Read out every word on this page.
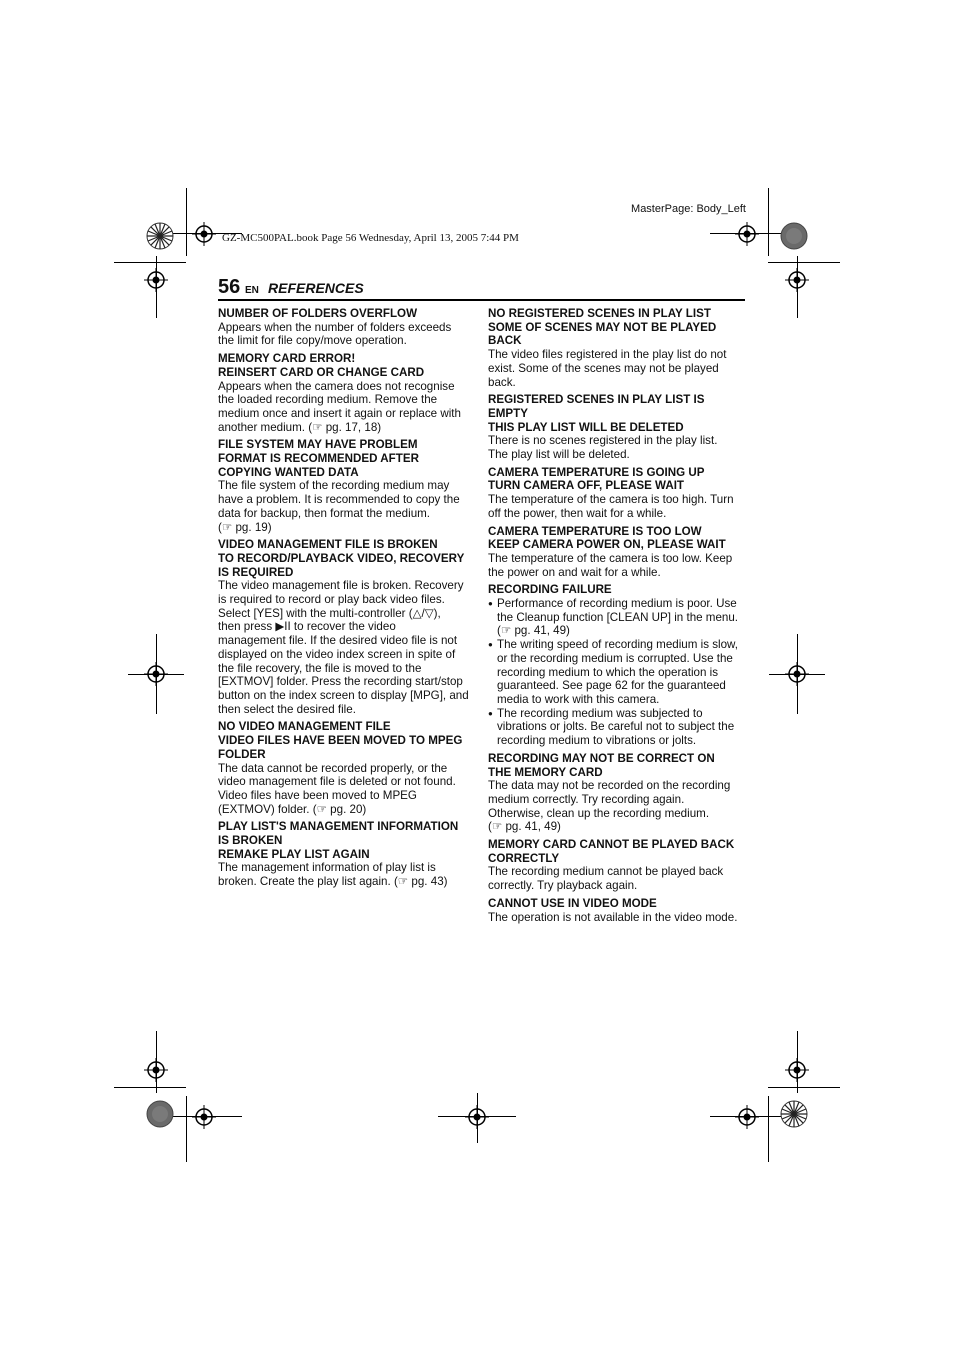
MasterPage: Body_Left
GZ-MC500PAL.book Page 56 Wednesday, April 13, 2005 7:44 PM
56 EN REFERENCES
NUMBER OF FOLDERS OVERFLOW
Appears when the number of folders exceeds
the limit for file copy/move operation.
MEMORY CARD ERROR!
REINSERT CARD OR CHANGE CARD
Appears when the camera does not recognise
the loaded recording medium. Remove the
medium once and insert it again or replace with
another medium. (☞ pg. 17, 18)
FILE SYSTEM MAY HAVE PROBLEM
FORMAT IS RECOMMENDED AFTER
COPYING WANTED DATA
The file system of the recording medium may
have a problem. It is recommended to copy the
data for backup, then format the medium.
(☞ pg. 19)
VIDEO MANAGEMENT FILE IS BROKEN
TO RECORD/PLAYBACK VIDEO, RECOVERY
IS REQUIRED
The video management file is broken. Recovery
is required to record or play back video files.
Select [YES] with the multi-controller (△/▽),
then press ▶II to recover the video
management file. If the desired video file is not
displayed on the video index screen in spite of
the file recovery, the file is moved to the
[EXTMOV] folder. Press the recording start/stop
button on the index screen to display [MPG], and
then select the desired file.
NO VIDEO MANAGEMENT FILE
VIDEO FILES HAVE BEEN MOVED TO MPEG
FOLDER
The data cannot be recorded properly, or the
video management file is deleted or not found.
Video files have been moved to MPEG
(EXTMOV) folder. (☞ pg. 20)
PLAY LIST'S MANAGEMENT INFORMATION
IS BROKEN
REMAKE PLAY LIST AGAIN
The management information of play list is
broken. Create the play list again. (☞ pg. 43)
NO REGISTERED SCENES IN PLAY LIST
SOME OF SCENES MAY NOT BE PLAYED
BACK
The video files registered in the play list do not
exist. Some of the scenes may not be played
back.
REGISTERED SCENES IN PLAY LIST IS
EMPTY
THIS PLAY LIST WILL BE DELETED
There is no scenes registered in the play list.
The play list will be deleted.
CAMERA TEMPERATURE IS GOING UP
TURN CAMERA OFF, PLEASE WAIT
The temperature of the camera is too high. Turn
off the power, then wait for a while.
CAMERA TEMPERATURE IS TOO LOW
KEEP CAMERA POWER ON, PLEASE WAIT
The temperature of the camera is too low. Keep
the power on and wait for a while.
RECORDING FAILURE
● Performance of recording medium is poor. Use
the Cleanup function [CLEAN UP] in the menu.
(☞ pg. 41, 49)
● The writing speed of recording medium is slow,
or the recording medium is corrupted. Use the
recording medium to which the operation is
guaranteed. See page 62 for the guaranteed
media to work with this camera.
● The recording medium was subjected to
vibrations or jolts. Be careful not to subject the
recording medium to vibrations or jolts.
RECORDING MAY NOT BE CORRECT ON
THE MEMORY CARD
The data may not be recorded on the recording
medium correctly. Try recording again.
Otherwise, clean up the recording medium.
(☞ pg. 41, 49)
MEMORY CARD CANNOT BE PLAYED BACK
CORRECTLY
The recording medium cannot be played back
correctly. Try playback again.
CANNOT USE IN VIDEO MODE
The operation is not available in the video mode.
